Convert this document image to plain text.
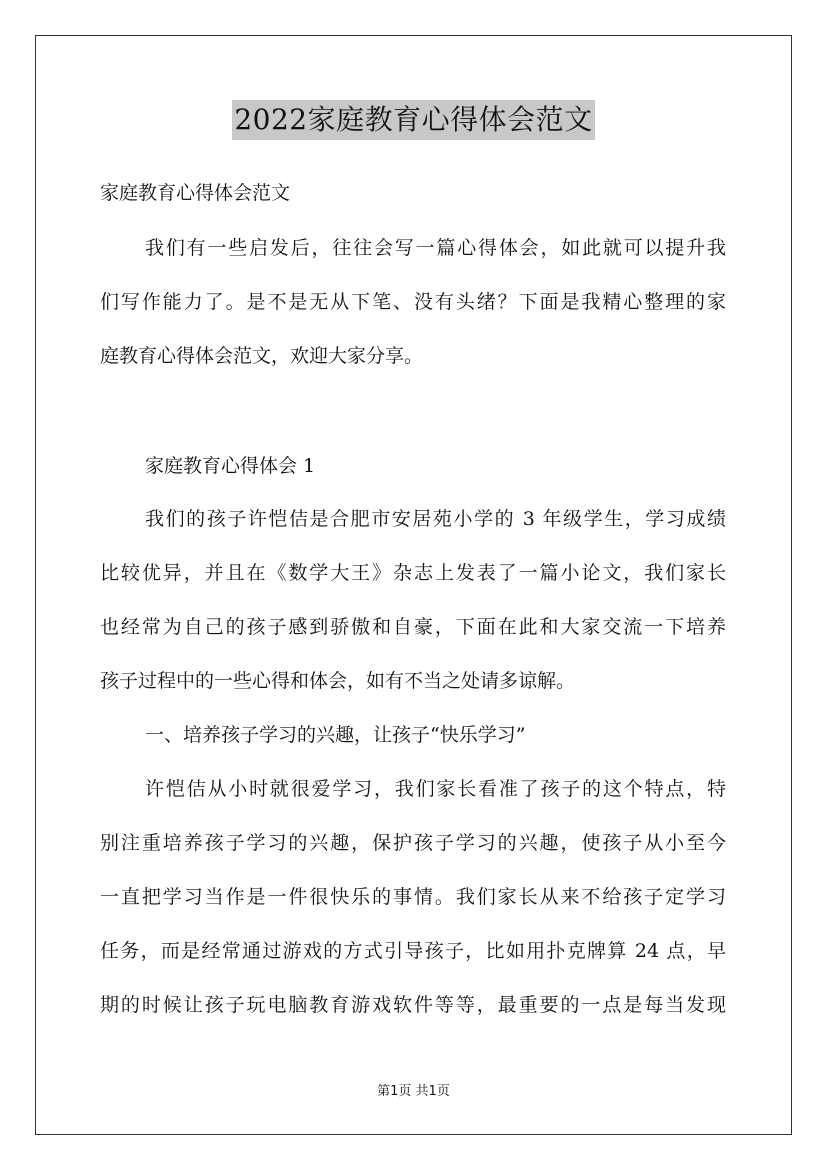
2022家庭教育心得体会范文
家庭教育心得体会范文
我们有一些启发后，往往会写一篇心得体会，如此就可以提升我
们写作能力了。是不是无从下笔、没有头绪？下面是我精心整理的家
庭教育心得体会范文，欢迎大家分享。
家庭教育心得体会 1
我们的孩子许恺佶是合肥市安居苑小学的 3 年级学生，学习成绩
比较优异，并且在《数学大王》杂志上发表了一篇小论文，我们家长
也经常为自己的孩子感到骄傲和自豪，下面在此和大家交流一下培养
孩子过程中的一些心得和体会，如有不当之处请多谅解。
一、培养孩子学习的兴趣，让孩子“快乐学习”
许恺佶从小时就很爱学习，我们家长看准了孩子的这个特点，特
别注重培养孩子学习的兴趣，保护孩子学习的兴趣，使孩子从小至今
一直把学习当作是一件很快乐的事情。我们家长从来不给孩子定学习
任务，而是经常通过游戏的方式引导孩子，比如用扑克牌算 24 点，早
期的时候让孩子玩电脑教育游戏软件等等，最重要的一点是每当发现
第1页 共1页
